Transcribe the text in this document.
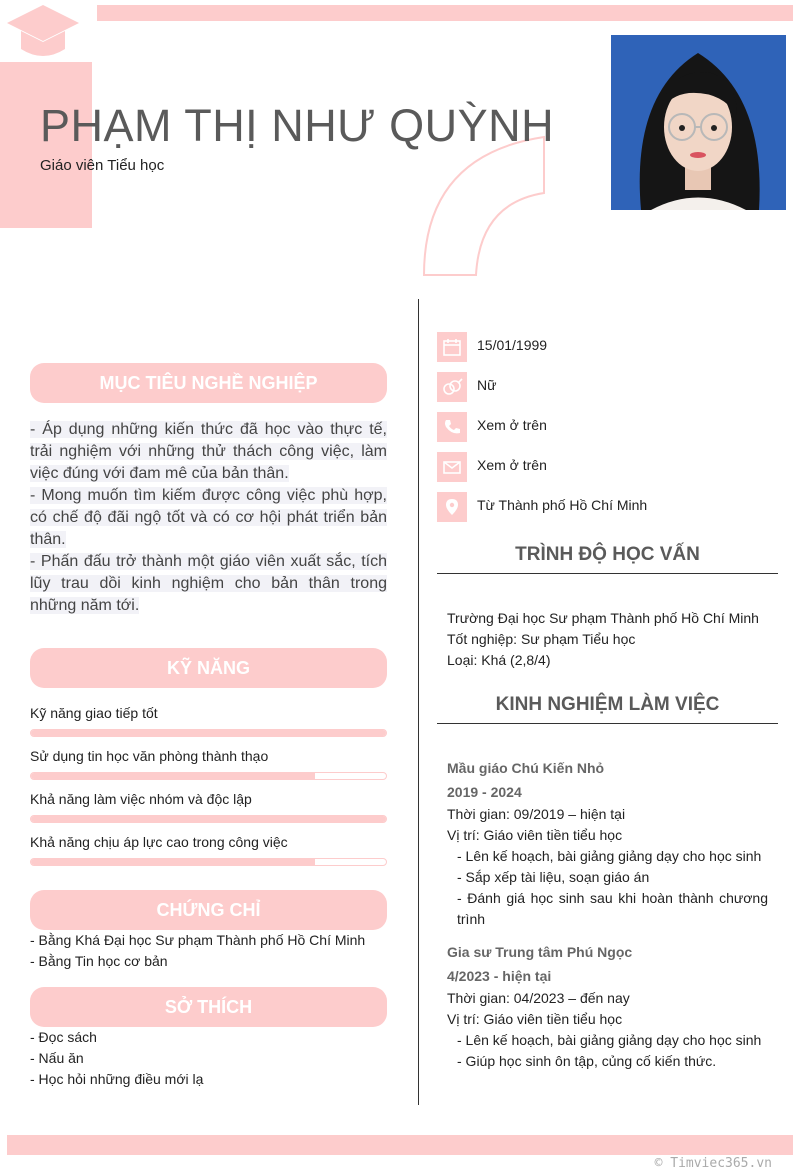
PHẠM THỊ NHƯ QUỲNH
Giáo viên Tiểu học
MỤC TIÊU NGHỀ NGHIỆP
- Áp dụng những kiến thức đã học vào thực tế, trải nghiệm với những thử thách công việc, làm việc đúng với đam mê của bản thân.
- Mong muốn tìm kiếm được công việc phù hợp, có chế độ đãi ngộ tốt và có cơ hội phát triển bản thân.
- Phấn đấu trở thành một giáo viên xuất sắc, tích lũy trau dồi kinh nghiệm cho bản thân trong những năm tới.
KỸ NĂNG
Kỹ năng giao tiếp tốt
Sử dụng tin học văn phòng thành thạo
Khả năng làm việc nhóm và độc lập
Khả năng chịu áp lực cao trong công việc
CHỨNG CHỈ
- Bằng Khá Đại học Sư phạm Thành phố Hồ Chí Minh
- Bằng Tin học cơ bản
SỞ THÍCH
- Đọc sách
- Nấu ăn
- Học hỏi những điều mới lạ
15/01/1999
Nữ
Xem ở trên
Xem ở trên
Từ Thành phố Hồ Chí Minh
TRÌNH ĐỘ HỌC VẤN
Trường Đại học Sư phạm Thành phố Hồ Chí Minh
Tốt nghiệp: Sư phạm Tiểu học
Loại: Khá (2,8/4)
KINH NGHIỆM LÀM VIỆC
Mầu giáo Chú Kiến Nhỏ
2019 - 2024
Thời gian: 09/2019 – hiện tại
Vị trí: Giáo viên tiền tiểu học
- Lên kế hoạch, bài giảng giảng dạy cho học sinh
- Sắp xếp tài liệu, soạn giáo án
- Đánh giá học sinh sau khi hoàn thành chương trình
Gia sư Trung tâm Phú Ngọc
4/2023 - hiện tại
Thời gian: 04/2023 – đến nay
Vị trí: Giáo viên tiền tiểu học
- Lên kế hoạch, bài giảng giảng dạy cho học sinh
- Giúp học sinh ôn tập, củng cố kiến thức.
© Timviec365.vn
